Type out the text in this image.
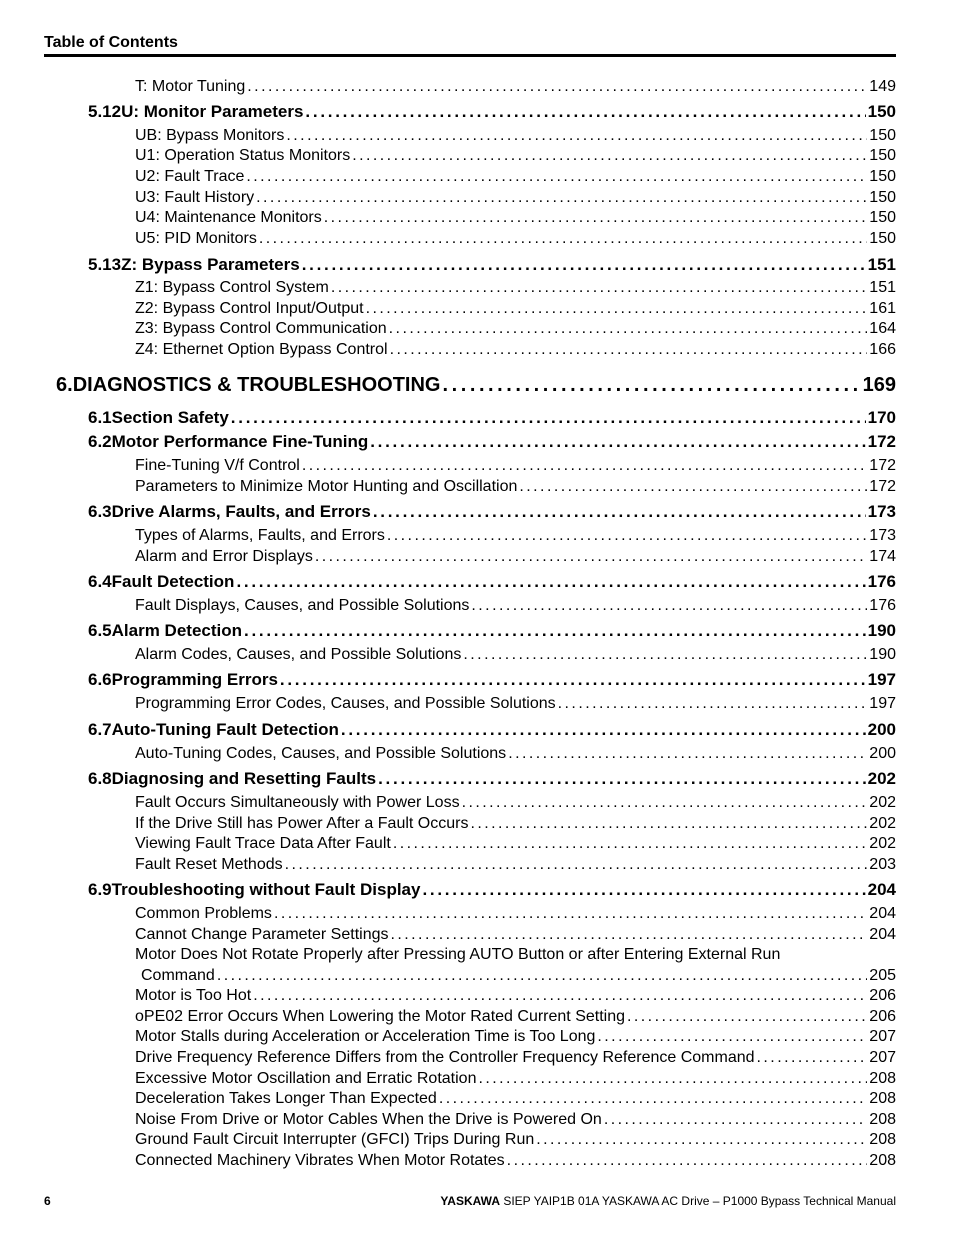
Table of Contents
T: Motor Tuning . . .	149
5.12 U: Monitor Parameters . . .	150
UB: Bypass Monitors . . .	150
U1: Operation Status Monitors . . .	150
U2: Fault Trace . . .	150
U3: Fault History . . .	150
U4: Maintenance Monitors . . .	150
U5: PID Monitors . . .	150
5.13 Z: Bypass Parameters . . .	151
Z1: Bypass Control System . . .	151
Z2: Bypass Control Input/Output . . .	161
Z3: Bypass Control Communication . . .	164
Z4: Ethernet Option Bypass Control . . .	166
6. DIAGNOSTICS & TROUBLESHOOTING . . .	169
6.1 Section Safety . . .	170
6.2 Motor Performance Fine-Tuning . . .	172
Fine-Tuning V/f Control . . .	172
Parameters to Minimize Motor Hunting and Oscillation . . .	172
6.3 Drive Alarms, Faults, and Errors . . .	173
Types of Alarms, Faults, and Errors . . .	173
Alarm and Error Displays . . .	174
6.4 Fault Detection . . .	176
Fault Displays, Causes, and Possible Solutions . . .	176
6.5 Alarm Detection . . .	190
Alarm Codes, Causes, and Possible Solutions . . .	190
6.6 Programming Errors . . .	197
Programming Error Codes, Causes, and Possible Solutions . . .	197
6.7 Auto-Tuning Fault Detection . . .	200
Auto-Tuning Codes, Causes, and Possible Solutions . . .	200
6.8 Diagnosing and Resetting Faults . . .	202
Fault Occurs Simultaneously with Power Loss . . .	202
If the Drive Still has Power After a Fault Occurs . . .	202
Viewing Fault Trace Data After Fault . . .	202
Fault Reset Methods . . .	203
6.9 Troubleshooting without Fault Display . . .	204
Common Problems . . .	204
Cannot Change Parameter Settings . . .	204
Motor Does Not Rotate Properly after Pressing AUTO Button or after Entering External Run
Command . . .	205
Motor is Too Hot . . .	206
oPE02 Error Occurs When Lowering the Motor Rated Current Setting . . .	206
Motor Stalls during Acceleration or Acceleration Time is Too Long . . .	207
Drive Frequency Reference Differs from the Controller Frequency Reference Command . . .	207
Excessive Motor Oscillation and Erratic Rotation . . .	208
Deceleration Takes Longer Than Expected . . .	208
Noise From Drive or Motor Cables When the Drive is Powered On . . .	208
Ground Fault Circuit Interrupter (GFCI) Trips During Run . . .	208
Connected Machinery Vibrates When Motor Rotates . . .	208
6	YASKAWA SIEP YAIP1B 01A YASKAWA AC Drive – P1000 Bypass Technical Manual
